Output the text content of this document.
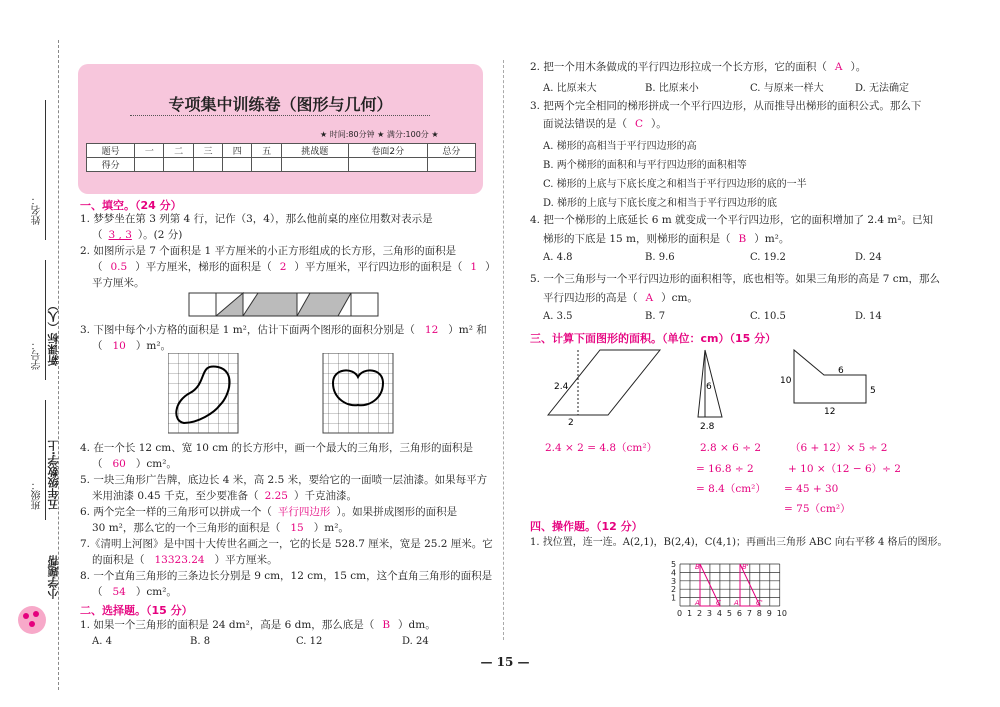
姓名：
学号：
班级：
新课标（人）
五年级数学·上
小学题帮
专项集中训练卷（图形与几何）
★ 时间:80分钟 ★ 满分:100分 ★
题号	一	二	三	四	五	挑战题	卷面2分	总分
得分								
一、填空。（24 分）
1. 梦梦坐在第 3 列第 4 行，记作（3，4），那么他前桌的座位用数对表示是
（ 3 , 3 ）。(2 分)
2. 如图所示是 7 个面积是 1 平方厘米的小正方形组成的长方形，三角形的面积是
（ 0.5 ）平方厘米，梯形的面积是（ 2 ）平方厘米，平行四边形的面积是（ 1 ）
平方厘米。
3. 下图中每个小方格的面积是 1 m²，估计下面两个图形的面积分别是（ 12 ）m² 和
（ 10 ）m²。
4. 在一个长 12 cm、宽 10 cm 的长方形中，画一个最大的三角形，三角形的面积是
（ 60 ）cm²。
5. 一块三角形广告牌，底边长 4 米，高 2.5 米，要给它的一面喷一层油漆。如果每平方
米用油漆 0.45 千克，至少要准备（ 2.25 ）千克油漆。
6. 两个完全一样的三角形可以拼成一个（ 平行四边形 ）。如果拼成图形的面积是
30 m²，那么它的一个三角形的面积是（ 15 ）m²。
7.《清明上河图》是中国十大传世名画之一，它的长是 528.7 厘米，宽是 25.2 厘米。它
的面积是（ 13323.24 ）平方厘米。
8. 一个直角三角形的三条边长分别是 9 cm，12 cm，15 cm，这个直角三角形的面积是
（ 54 ）cm²。
二、选择题。（15 分）
1. 如果一个三角形的面积是 24 dm²，高是 6 dm，那么底是（ B ）dm。
A. 4	B. 8	C. 12	D. 24
2. 把一个用木条做成的平行四边形拉成一个长方形，它的面积（ A ）。
A. 比原来大	B. 比原来小	C. 与原来一样大	D. 无法确定
3. 把两个完全相同的梯形拼成一个平行四边形，从而推导出梯形的面积公式。那么下
面说法错误的是（ C ）。
A. 梯形的高相当于平行四边形的高
B. 两个梯形的面积和与平行四边形的面积相等
C. 梯形的上底与下底长度之和相当于平行四边形的底的一半
D. 梯形的上底与下底长度之和相当于平行四边形的底
4. 把一个梯形的上底延长 6 m 就变成一个平行四边形，它的面积增加了 2.4 m²。已知
梯形的下底是 15 m，则梯形的面积是（ B ）m²。
A. 4.8	B. 9.6	C. 19.2	D. 24
5. 一个三角形与一个平行四边形的面积相等，底也相等。如果三角形的高是 7 cm，那么
平行四边形的高是（ A ）cm。
A. 3.5	B. 7	C. 10.5	D. 14
三、计算下面图形的面积。（单位：cm）（15 分）
2.4
2
6
2.8
10
6
5
12
2.4 × 2 = 4.8（cm²）	2.8 × 6 ÷ 2
= 16.8 ÷ 2
= 8.4（cm²）
（6 + 12）× 5 ÷ 2
+ 10 ×（12 − 6）÷ 2
= 45 + 30
= 75（cm²）
四、操作题。（12 分）
1. 找位置，连一连。A(2,1)，B(2,4)，C(4,1)；再画出三角形 ABC 向右平移 4 格后的图形。
0 1 2 3 4 5 6 7 8 9 10
5
4
3
2
1
B
A C
B'
A' C'
— 15 —
